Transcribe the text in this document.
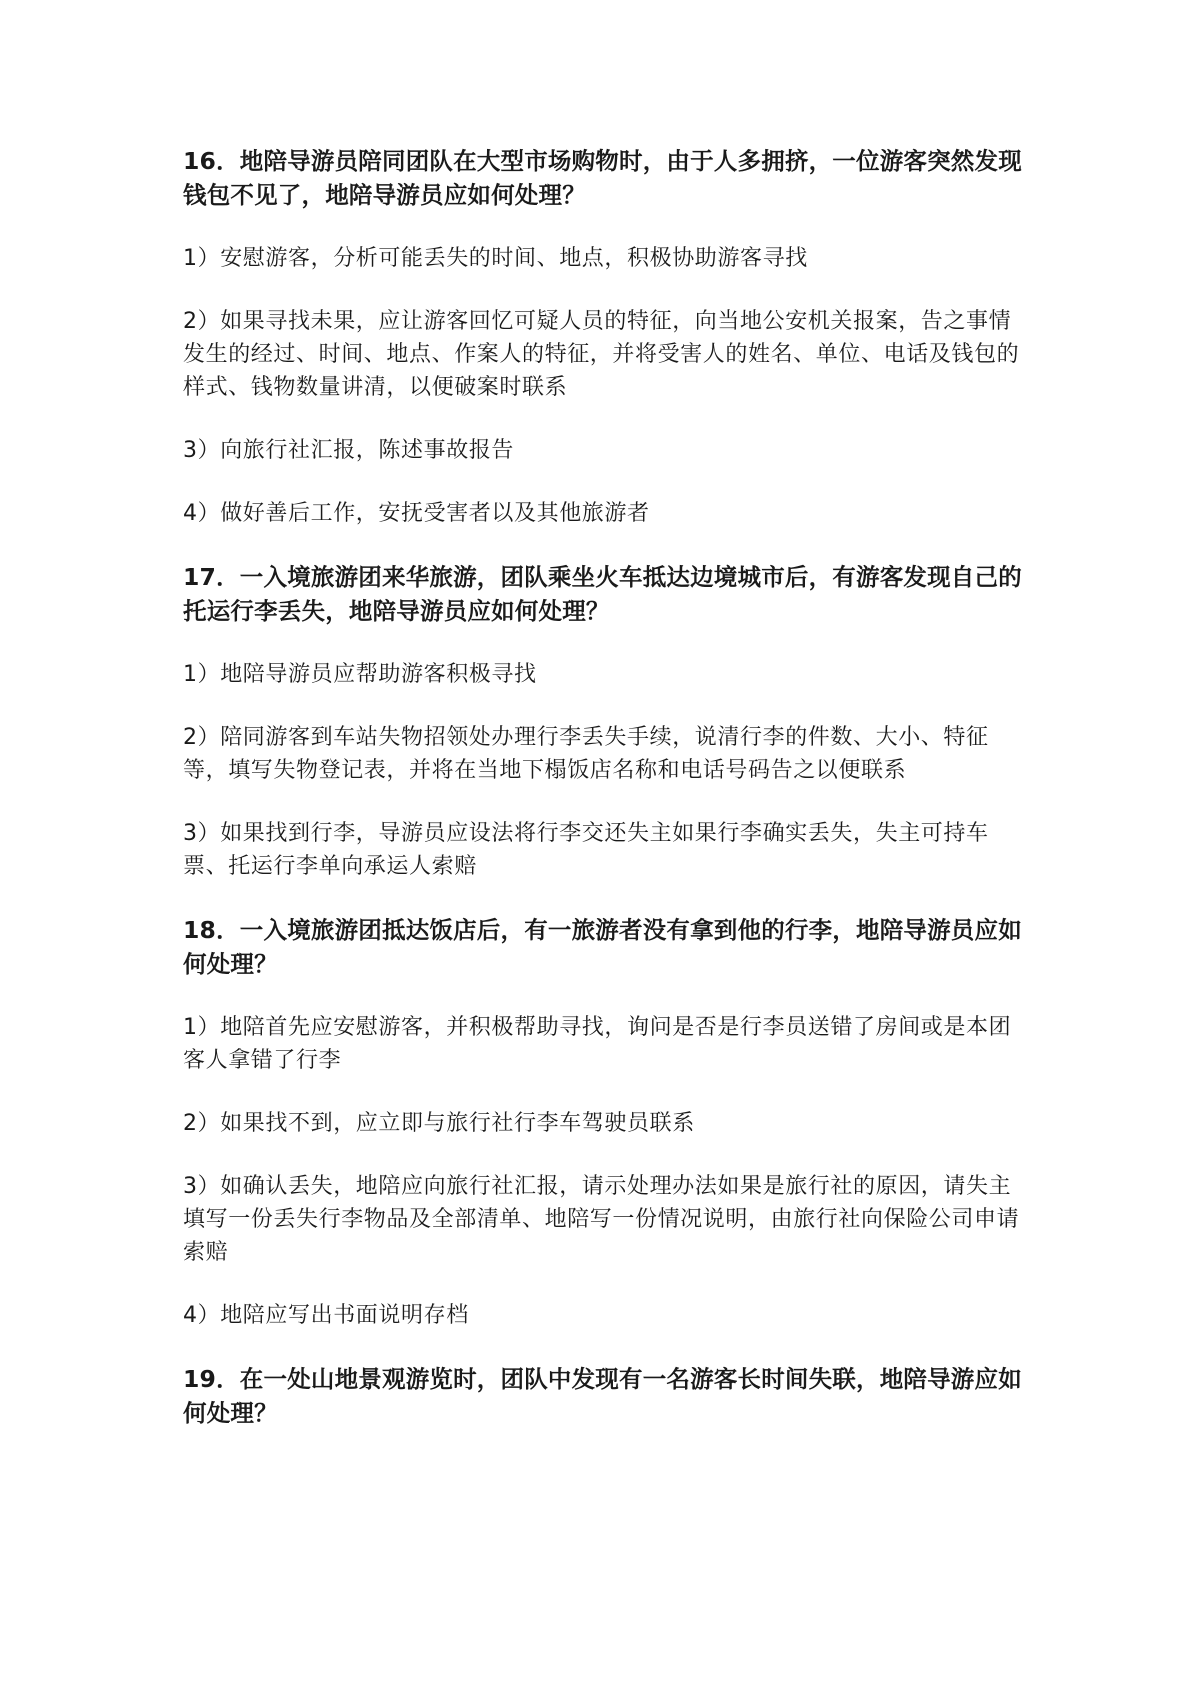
16．地陪导游员陪同团队在大型市场购物时，由于人多拥挤，一位游客突然发现钱包不见了，地陪导游员应如何处理？

1）安慰游客，分析可能丢失的时间、地点，积极协助游客寻找

2）如果寻找未果，应让游客回忆可疑人员的特征，向当地公安机关报案，告之事情发生的经过、时间、地点、作案人的特征，并将受害人的姓名、单位、电话及钱包的样式、钱物数量讲清，以便破案时联系

3）向旅行社汇报，陈述事故报告

4）做好善后工作，安抚受害者以及其他旅游者

17．一入境旅游团来华旅游，团队乘坐火车抵达边境城市后，有游客发现自己的托运行李丢失，地陪导游员应如何处理？

1）地陪导游员应帮助游客积极寻找

2）陪同游客到车站失物招领处办理行李丢失手续，说清行李的件数、大小、特征等，填写失物登记表，并将在当地下榻饭店名称和电话号码告之以便联系

3）如果找到行李，导游员应设法将行李交还失主如果行李确实丢失，失主可持车票、托运行李单向承运人索赔

18．一入境旅游团抵达饭店后，有一旅游者没有拿到他的行李，地陪导游员应如何处理？

1）地陪首先应安慰游客，并积极帮助寻找，询问是否是行李员送错了房间或是本团客人拿错了行李

2）如果找不到，应立即与旅行社行李车驾驶员联系

3）如确认丢失，地陪应向旅行社汇报，请示处理办法如果是旅行社的原因，请失主填写一份丢失行李物品及全部清单、地陪写一份情况说明，由旅行社向保险公司申请索赔

4）地陪应写出书面说明存档

19．在一处山地景观游览时，团队中发现有一名游客长时间失联，地陪导游应如何处理？
